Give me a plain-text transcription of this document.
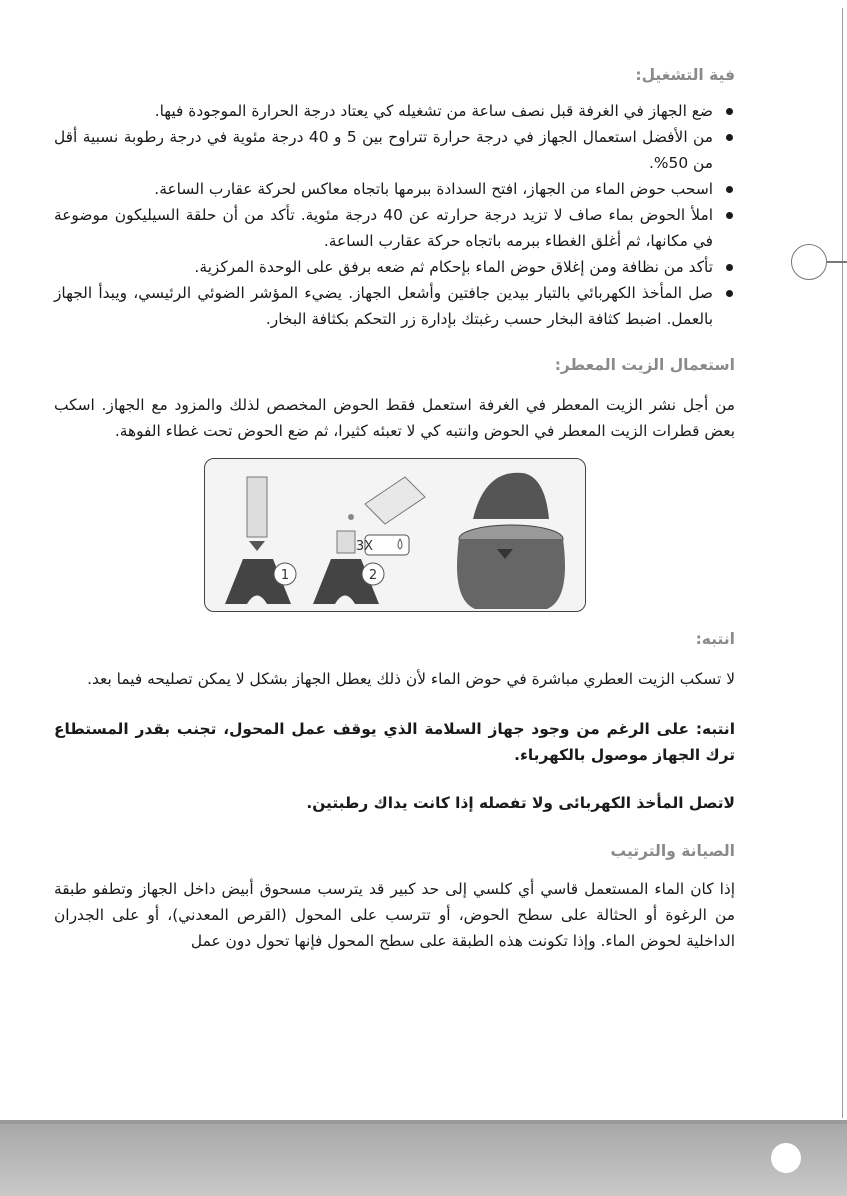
فية التشغيل:
ضع الجهاز في الغرفة قبل نصف ساعة من تشغيله كي يعتاد درجة الحرارة الموجودة فيها.
من الأفضل استعمال الجهاز في درجة حرارة تتراوح بين 5 و 40 درجة مئوية في درجة رطوبة نسبية أقل من 50%.
اسحب حوض الماء من الجهاز، افتح السدادة ببرمها باتجاه معاكس لحركة عقارب الساعة.
املأ الحوض بماء صاف لا تزيد درجة حرارته عن 40 درجة مئوية. تأكد من أن حلقة السيليكون موضوعة في مكانها، ثم أغلق الغطاء ببرمه باتجاه حركة عقارب الساعة.
تأكد من نظافة ومن إغلاق حوض الماء بإحكام ثم ضعه برفق على الوحدة المركزية.
صل المأخذ الكهربائي بالتيار بيدين جافتين وأشعل الجهاز. يضيء المؤشر الضوئي الرئيسي، ويبدأ الجهاز بالعمل. اضبط كثافة البخار حسب رغبتك بإدارة زر التحكم بكثافة البخار.
استعمال الزيت المعطر:

من أجل نشر الزيت المعطر في الغرفة استعمل فقط الحوض المخصص لذلك والمزود مع الجهاز. اسكب بعض قطرات الزيت المعطر في الحوض وانتبه كي لا تعبئه كثيرا، ثم ضع الحوض تحت غطاء الفوهة.

1
3X
2
انتبه:

لا تسكب الزيت العطري مباشرة في حوض الماء لأن ذلك يعطل الجهاز بشكل لا يمكن تصليحه فيما بعد.

انتبه: على الرغم من وجود جهاز السلامة الذي يوقف عمل المحول، تجنب بقدر المستطاع ترك الجهاز موصول بالكهرباء.

لاتصل المأخذ الكهربائى ولا تفصله إذا كانت يداك رطبتين.

الصيانة والترتيب

إذا كان الماء المستعمل قاسي أي كلسي إلى حد كبير قد يترسب مسحوق أبيض داخل الجهاز وتطفو طبقة من الرغوة أو الحثالة على سطح الحوض، أو تترسب على المحول (القرص المعدني)، أو على الجدران الداخلية لحوض الماء. وإذا تكونت هذه الطبقة على سطح المحول فإنها تحول دون عمل
